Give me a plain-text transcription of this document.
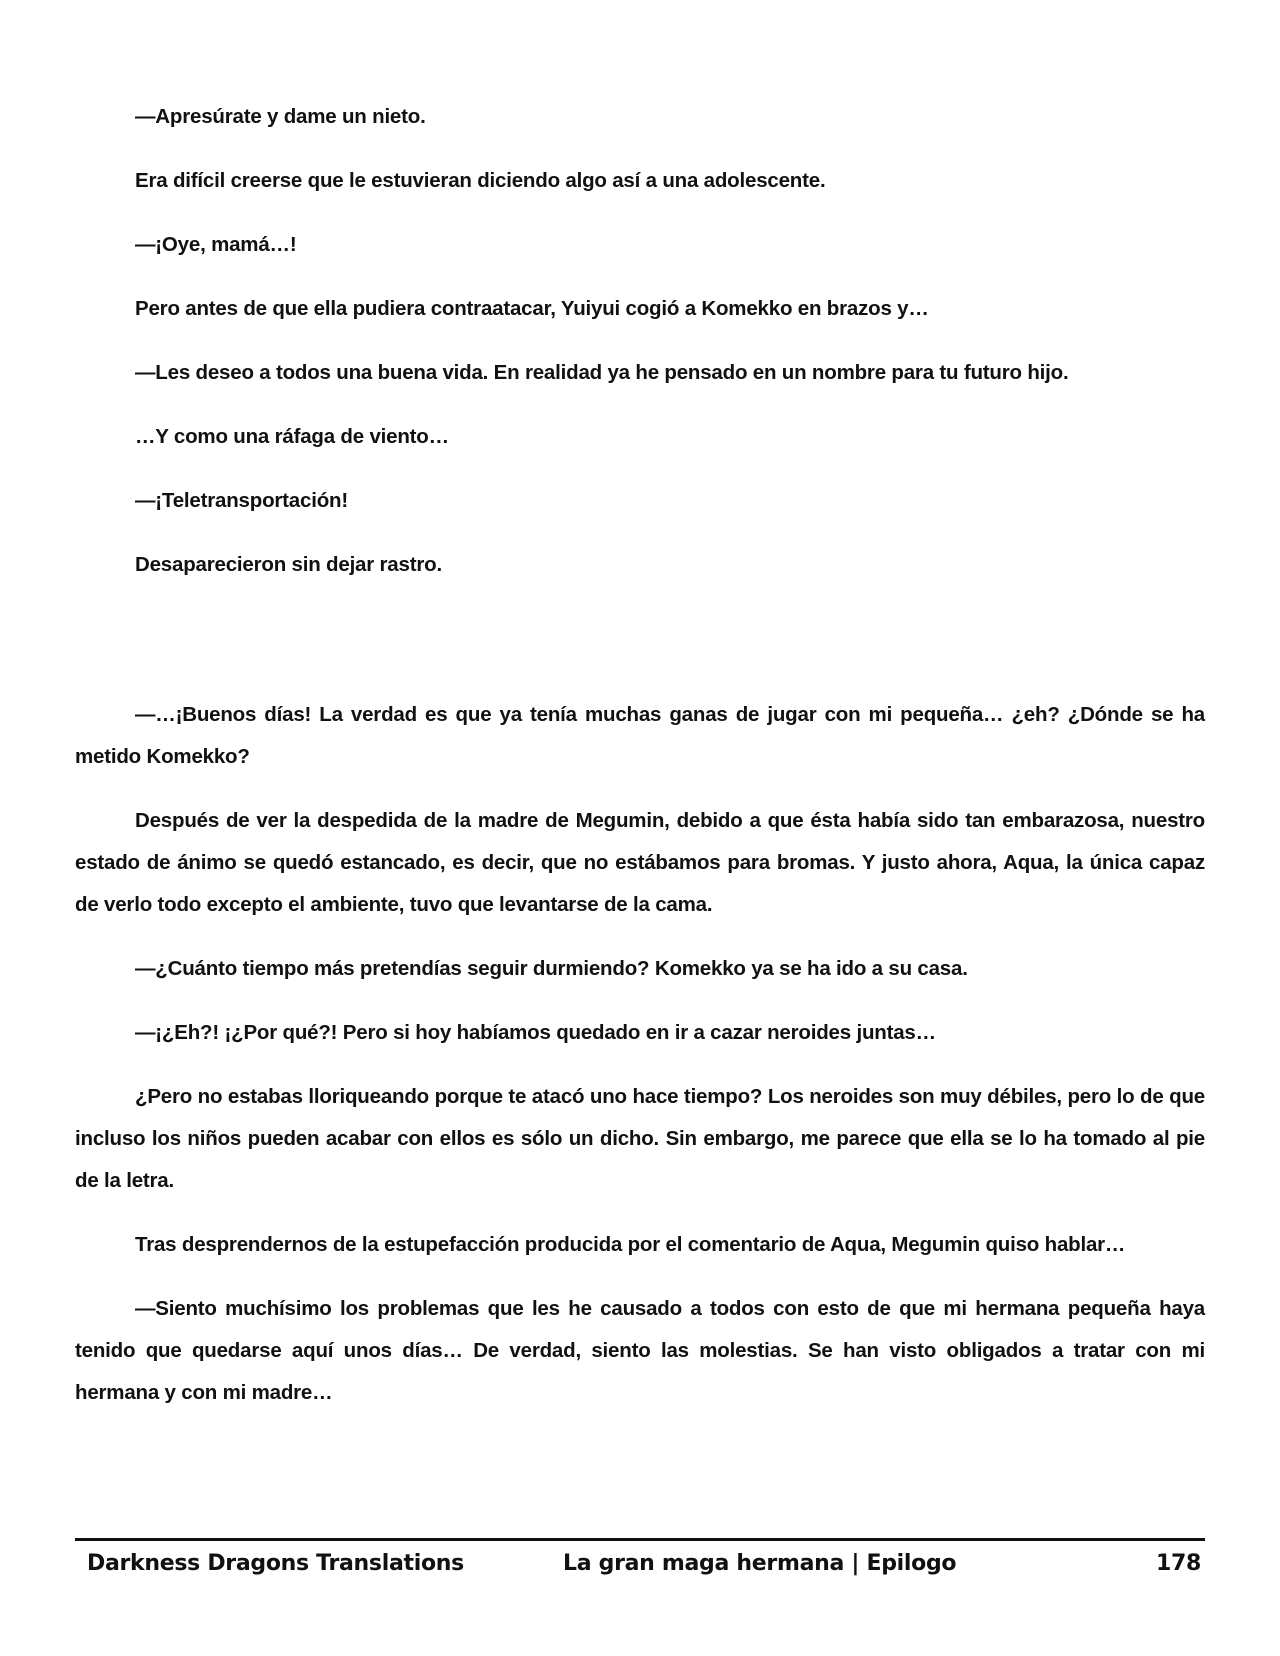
—Apresúrate y dame un nieto.

Era difícil creerse que le estuvieran diciendo algo así a una adolescente.

—¡Oye, mamá…!

Pero antes de que ella pudiera contraatacar, Yuiyui cogió a Komekko en brazos y…

—Les deseo a todos una buena vida. En realidad ya he pensado en un nombre para tu futuro hijo.

…Y como una ráfaga de viento…

—¡Teletransportación!

Desaparecieron sin dejar rastro.

—…¡Buenos días! La verdad es que ya tenía muchas ganas de jugar con mi pequeña… ¿eh? ¿Dónde se ha metido Komekko?

Después de ver la despedida de la madre de Megumin, debido a que ésta había sido tan embarazosa, nuestro estado de ánimo se quedó estancado, es decir, que no estábamos para bromas. Y justo ahora, Aqua, la única capaz de verlo todo excepto el ambiente, tuvo que levantarse de la cama.

—¿Cuánto tiempo más pretendías seguir durmiendo? Komekko ya se ha ido a su casa.

—¡¿Eh?! ¡¿Por qué?! Pero si hoy habíamos quedado en ir a cazar neroides juntas…

¿Pero no estabas lloriqueando porque te atacó uno hace tiempo? Los neroides son muy débiles, pero lo de que incluso los niños pueden acabar con ellos es sólo un dicho. Sin embargo, me parece que ella se lo ha tomado al pie de la letra.

Tras desprendernos de la estupefacción producida por el comentario de Aqua, Megumin quiso hablar…

—Siento muchísimo los problemas que les he causado a todos con esto de que mi hermana pequeña haya tenido que quedarse aquí unos días… De verdad, siento las molestias. Se han visto obligados a tratar con mi hermana y con mi madre…

Darkness Dragons Translations	La gran maga hermana | Epilogo	178
